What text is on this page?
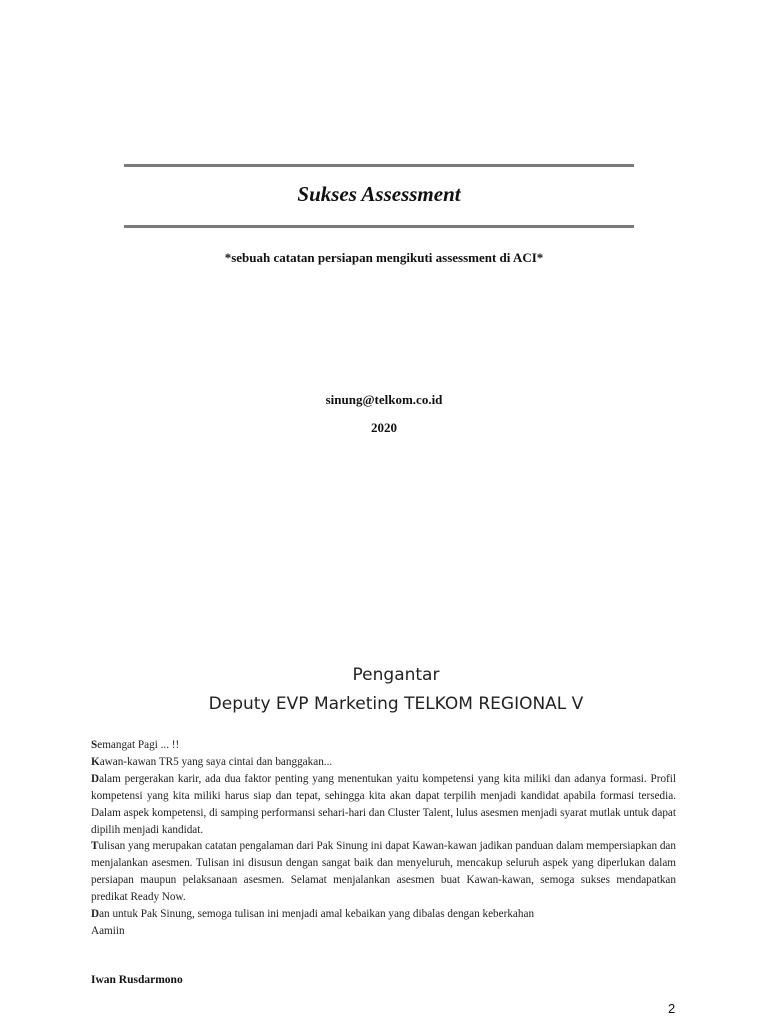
Sukses Assessment
*sebuah catatan persiapan mengikuti assessment di ACI*
sinung@telkom.co.id
2020
Pengantar
Deputy EVP Marketing TELKOM REGIONAL V

Semangat Pagi ... !!

Kawan-kawan TR5 yang saya cintai dan banggakan...

Dalam pergerakan karir, ada dua faktor penting yang menentukan yaitu kompetensi yang kita miliki dan adanya formasi. Profil kompetensi yang kita miliki harus siap dan tepat, sehingga kita akan dapat terpilih menjadi kandidat apabila formasi tersedia. Dalam aspek kompetensi, di samping performansi sehari-hari dan Cluster Talent, lulus asesmen menjadi syarat mutlak untuk dapat dipilih menjadi kandidat.

Tulisan yang merupakan catatan pengalaman dari Pak Sinung ini dapat Kawan-kawan jadikan panduan dalam mempersiapkan dan menjalankan asesmen. Tulisan ini disusun dengan sangat baik dan menyeluruh, mencakup seluruh aspek yang diperlukan dalam persiapan maupun pelaksanaan asesmen. Selamat menjalankan asesmen buat Kawan-kawan, semoga sukses mendapatkan predikat Ready Now.

Dan untuk Pak Sinung, semoga tulisan ini menjadi amal kebaikan yang dibalas dengan keberkahan

Aamiin

Iwan Rusdarmono
2
